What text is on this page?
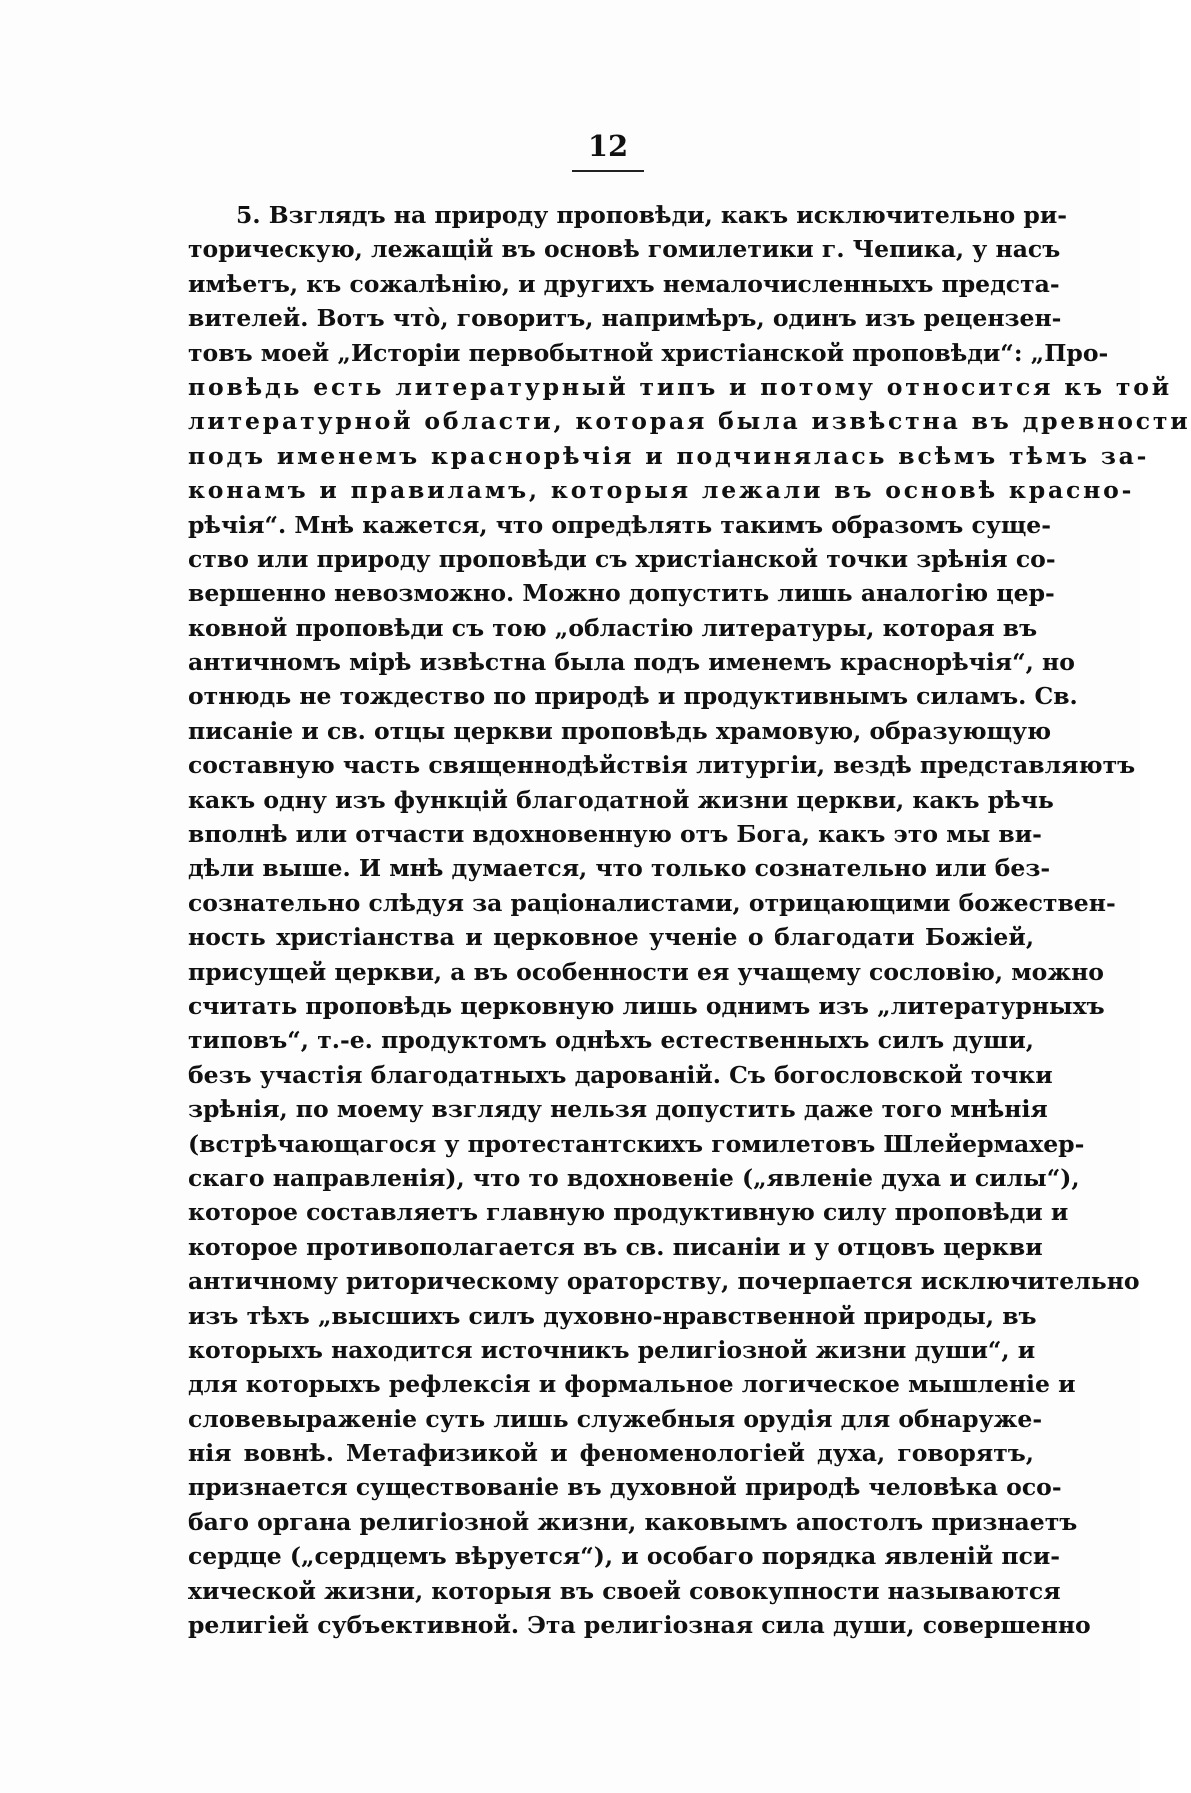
12
5. Взглядъ на природу проповѣди, какъ исключительно ри-
торическую, лежащій въ основѣ гомилетики г. Чепика, у насъ
имѣетъ, къ сожалѣнію, и другихъ немалочисленныхъ предста-
вителей. Вотъ что̀, говоритъ, напримѣръ, одинъ изъ рецензен-
товъ моей „Исторіи первобытной христіанской проповѣди“: „Про-
повѣдь есть литературный типъ и потому относится къ той
литературной области, которая была извѣстна въ древности
подъ именемъ краснорѣчія и подчинялась всѣмъ тѣмъ за-
конамъ и правиламъ, которыя лежали въ основѣ красно-
рѣчія“. Мнѣ кажется, что опредѣлять такимъ образомъ суще-
ство или природу проповѣди съ христіанской точки зрѣнія со-
вершенно невозможно. Можно допустить лишь аналогію цер-
ковной проповѣди съ тою „областію литературы, которая въ
античномъ мірѣ извѣстна была подъ именемъ краснорѣчія“, но
отнюдь не тождество по природѣ и продуктивнымъ силамъ. Св.
писаніе и св. отцы церкви проповѣдь храмовую, образующую
составную часть священнодѣйствія литургіи, вездѣ представляютъ
какъ одну изъ функцій благодатной жизни церкви, какъ рѣчь
вполнѣ или отчасти вдохновенную отъ Бога, какъ это мы ви-
дѣли выше. И мнѣ думается, что только сознательно или без-
сознательно слѣдуя за раціоналистами, отрицающими божествен-
ность христіанства и церковное ученіе о благодати Божіей,
присущей церкви, а въ особенности ея учащему сословію, можно
считать проповѣдь церковную лишь однимъ изъ „литературныхъ
типовъ“, т.-е. продуктомъ однѣхъ естественныхъ силъ души,
безъ участія благодатныхъ дарованій. Съ богословской точки
зрѣнія, по моему взгляду нельзя допустить даже того мнѣнія
(встрѣчающагося у протестантскихъ гомилетовъ Шлейермахер-
скаго направленія), что то вдохновеніе („явленіе духа и силы“),
которое составляетъ главную продуктивную силу проповѣди и
которое противополагается въ св. писаніи и у отцовъ церкви
античному риторическому ораторству, почерпается исключительно
изъ тѣхъ „высшихъ силъ духовно-нравственной природы, въ
которыхъ находится источникъ религіозной жизни души“, и
для которыхъ рефлексія и формальное логическое мышленіе и
словевыраженіе суть лишь служебныя орудія для обнаруже-
нія вовнѣ. Метафизикой и феноменологіей духа, говорятъ,
признается существованіе въ духовной природѣ человѣка осо-
баго органа религіозной жизни, каковымъ апостолъ признаетъ
сердце („сердцемъ вѣруется“), и особаго порядка явленій пси-
хической жизни, которыя въ своей совокупности называются
религіей субъективной. Эта религіозная сила души, совершенно
